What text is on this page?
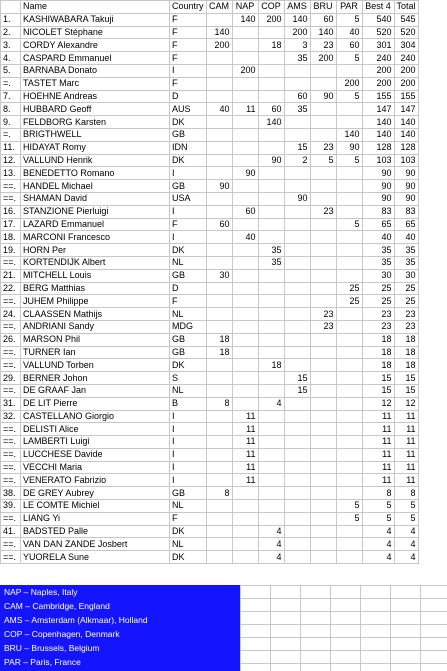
	Name	Country	CAM	NAP	COP	AMS	BRU	PAR	Best 4	Total
1.	KASHIWABARA Takuji	F		140	200	140	60	5	540	545
2.	NICOLET Stéphane	F	140			200	140	40	520	520
3.	CORDY Alexandre	F	200		18	3	23	60	301	304
4.	CASPARD Emmanuel	F				35	200	5	240	240
5.	BARNABA Donato	I		200					200	200
=.	TASTET Marc	F						200	200	200
7.	HOEHNE Andreas	D				60	90	5	155	155
8.	HUBBARD Geoff	AUS	40	11	60	35			147	147
9.	FELDBORG Karsten	DK			140				140	140
=.	BRIGTHWELL	GB						140	140	140
11.	HIDAYAT Romy	IDN				15	23	90	128	128
12.	VALLUND Henrik	DK			90	2	5	5	103	103
13.	BENEDETTO Romano	I		90					90	90
==.	HANDEL Michael	GB	90						90	90
==.	SHAMAN David	USA				90			90	90
16.	STANZIONE Pierluigi	I		60			23		83	83
17.	LAZARD Emmanuel	F	60					5	65	65
18.	MARCONI Francesco	I		40					40	40
19.	HORN Per	DK			35				35	35
==.	KORTENDIJK Albert	NL			35				35	35
21.	MITCHELL Louis	GB	30						30	30
22.	BERG Matthias	D						25	25	25
==.	JUHEM Philippe	F						25	25	25
24.	CLAASSEN Mathijs	NL					23		23	23
==.	ANDRIANI Sandy	MDG					23		23	23
26.	MARSON Phil	GB	18						18	18
==.	TURNER Ian	GB	18						18	18
==.	VALLUND Torben	DK			18				18	18
29.	BERNER Johon	S				15			15	15
==.	DE GRAAF Jan	NL				15			15	15
31.	DE LIT Pierre	B	8		4				12	12
32.	CASTELLANO Giorgio	I		11					11	11
==.	DELISTI Alice	I		11					11	11
==.	LAMBERTI Luigi	I		11					11	11
==.	LUCCHESE Davide	I		11					11	11
==.	VECCHI Maria	I		11					11	11
==.	VENERATO Fabrizio	I		11					11	11
38.	DE GREY Aubrey	GB	8						8	8
39.	LE COMTE Michiel	NL						5	5	5
==.	LIANG Yi	F						5	5	5
41.	BADSTED Palle	DK			4				4	4
==.	VAN DAN ZANDE Josbert	NL			4				4	4
==.	YUORELA Sune	DK			4				4	4
NAP – Naples, Italy
CAM – Cambridge, England
AMS – Amsterdam (Alkmaar), Holland
COP – Copenhagen, Denmark
BRU – Brussels, Belgium
PAR – Paris, France
